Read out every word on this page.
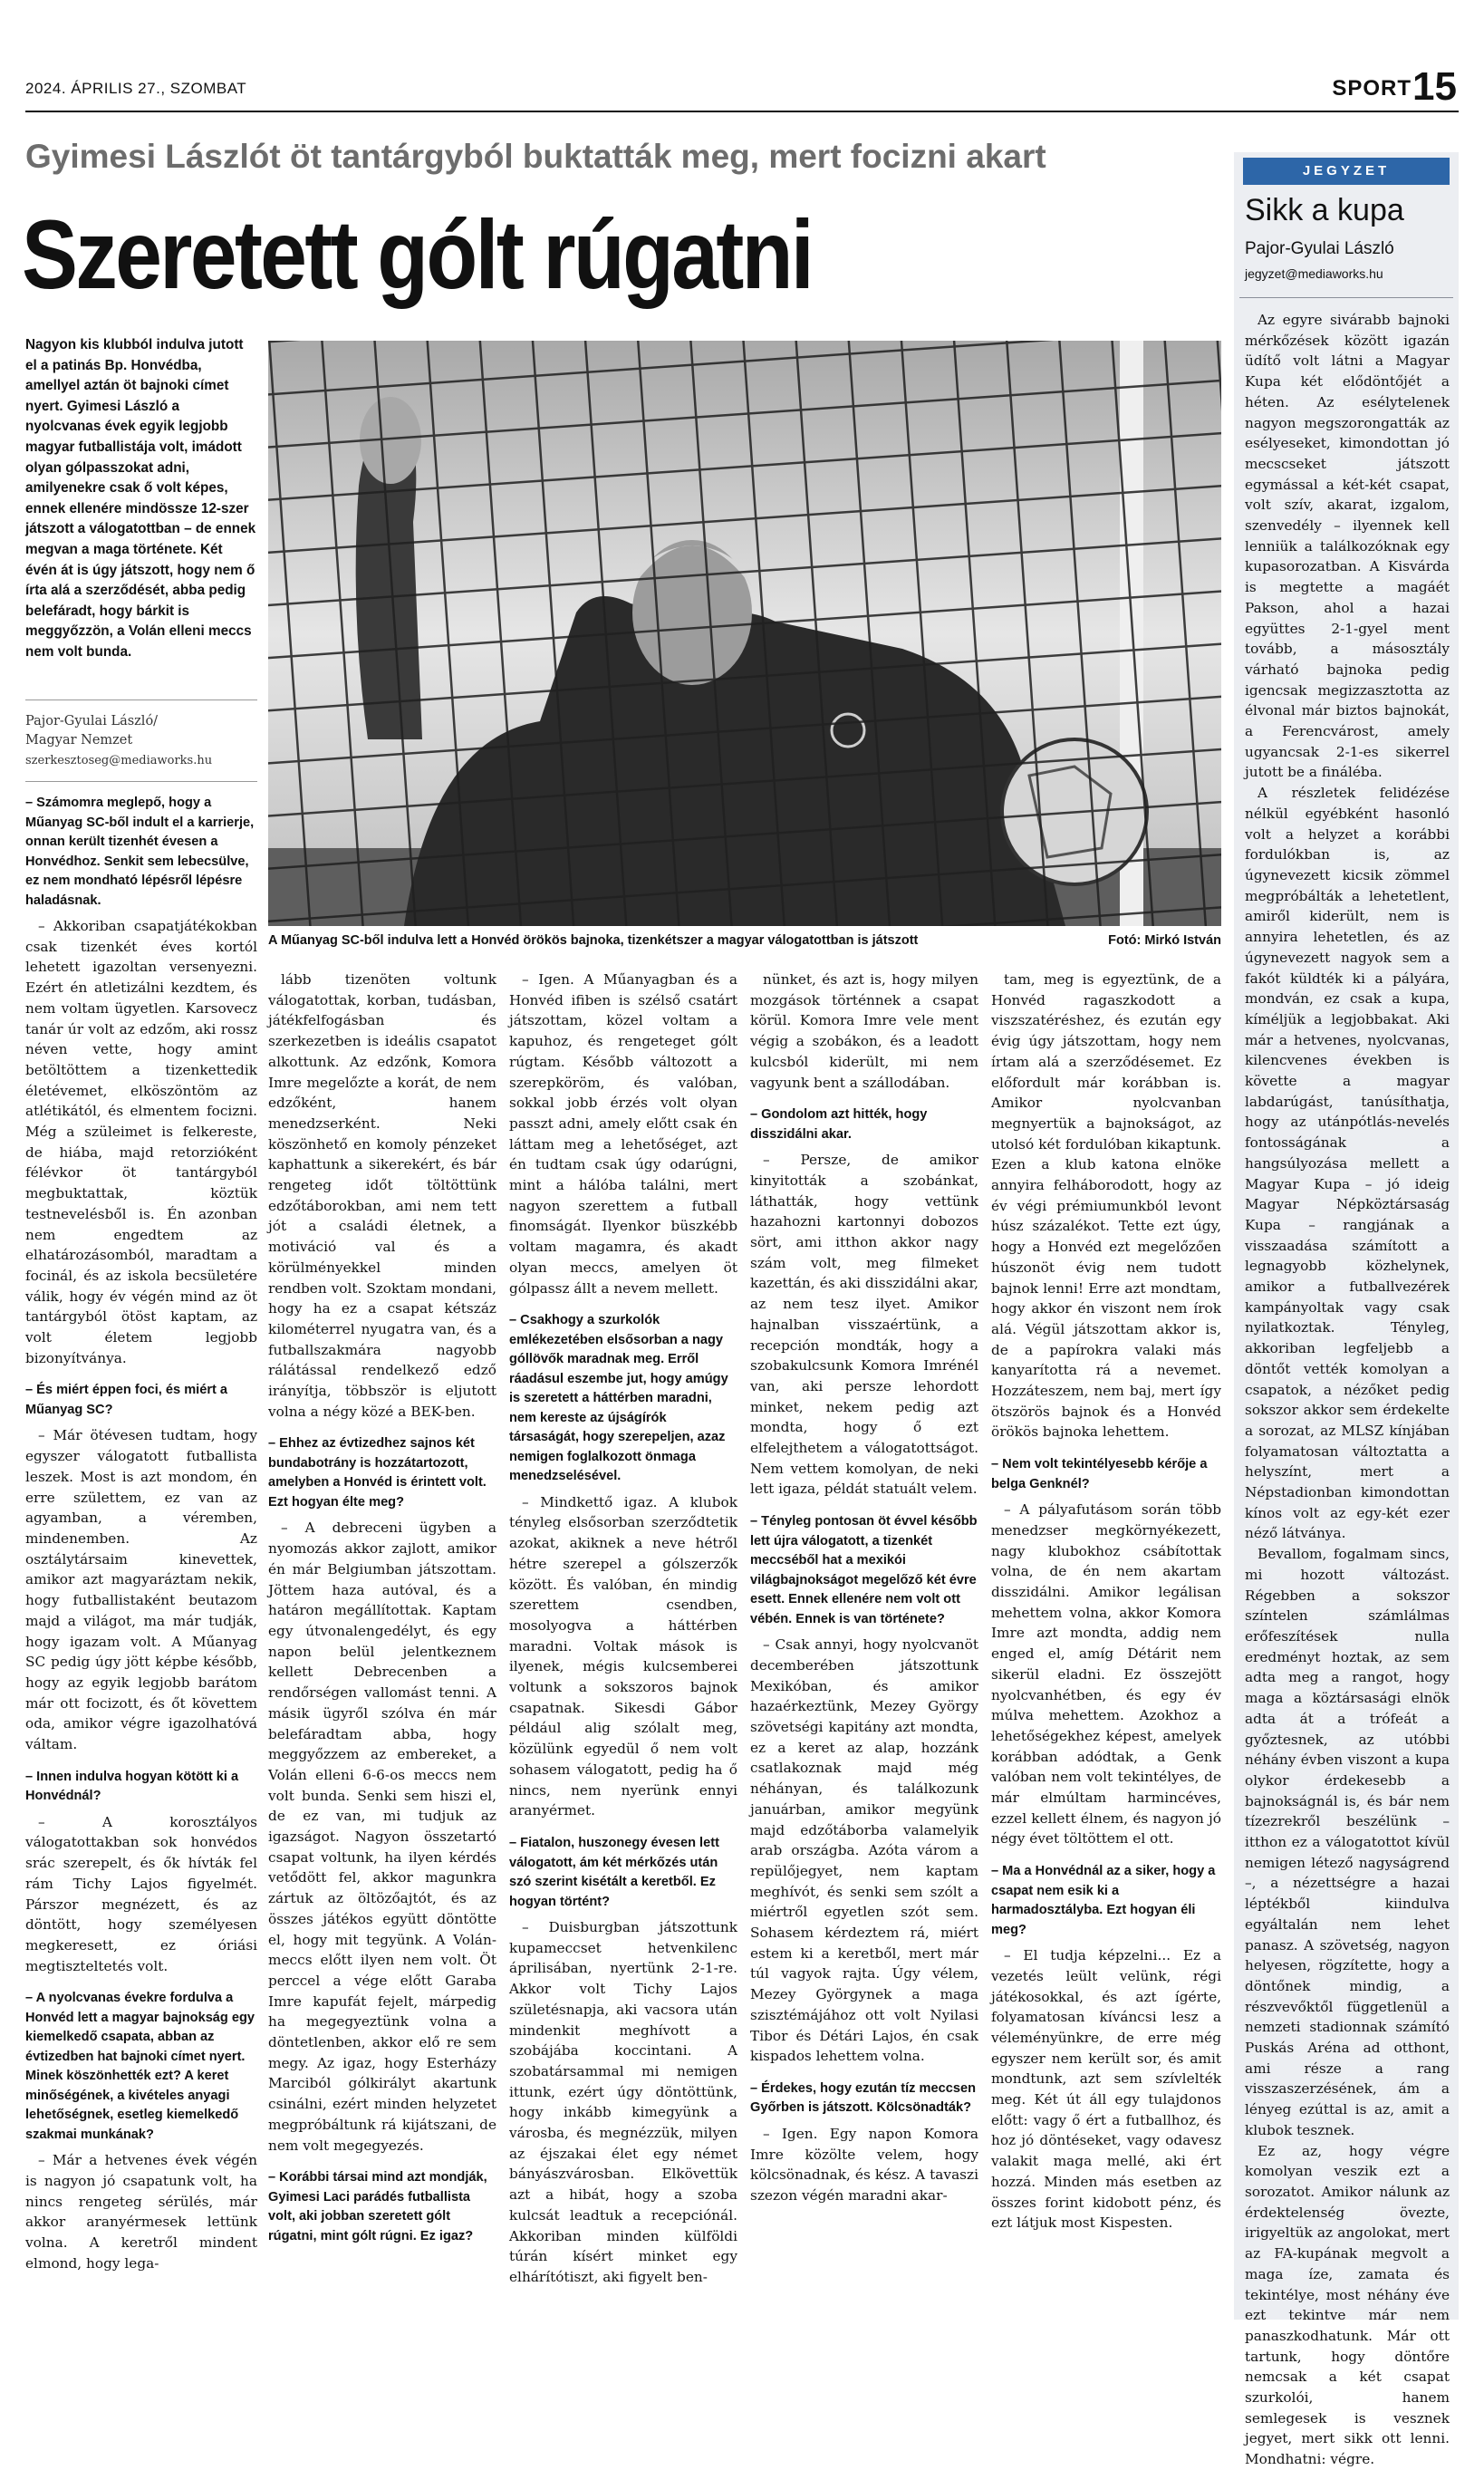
2024. ÁPRILIS 27., SZOMBAT	SPORT 15
Gyimesi Lászlót öt tantárgyból buktatták meg, mert focizni akart
Szeretett gólt rúgatni
Nagyon kis klubból indulva jutott el a patinás Bp. Honvédba, amellyel aztán öt bajnoki címet nyert. Gyimesi László a nyolcvanas évek egyik legjobb magyar futballistája volt, imádott olyan gólpasszokat adni, amilyenekre csak ő volt képes, ennek ellenére mindössze 12-szer játszott a válogatottban – de ennek megvan a maga története. Két évén át is úgy játszott, hogy nem ő írta alá a szerződését, abba pedig belefáradt, hogy bárkit is meggyőzzön, a Volán elleni meccs nem volt bunda.
Pajor-Gyulai László/
Magyar Nemzet
szerkesztoseg@mediaworks.hu
A Műanyag SC-ből indulva lett a Honvéd örökös bajnoka, tizenkétszer a magyar válogatottban is játszott	Fotó: Mirkó István

– Számomra meglepő, hogy a Műanyag SC-ből indult el a karrierje, onnan került tizenhét évesen a Honvédhoz. Senkit sem lebecsülve, ez nem mondható lépésről lépésre haladásnak.

– Akkoriban csapatjátékokban csak tizenkét éves kortól lehetett igazoltan versenyezni. Ezért én atletizálni kezdtem, és nem voltam ügyetlen. Karsovecz tanár úr volt az edzőm, aki rossz néven vette, hogy amint betöltöttem a tizenkettedik életévemet, elköszöntöm az atlétikától, és elmentem focizni. Még a szüleimet is felkereste, de hiába, majd retorzióként félévkor öt tantárgyból megbuktattak, köztük testnevelésből is. Én azonban nem engedtem az elhatározásomból, maradtam a focinál, és az iskola becsületére válik, hogy év végén mind az öt tantárgyból ötöst kaptam, az volt életem legjobb bizonyítványa.

– És miért éppen foci, és miért a Műanyag SC?

– Már ötévesen tudtam, hogy egyszer válogatott futballista leszek. Most is azt mondom, én erre születtem, ez van az agyamban, a véremben, mindenemben. Az osztálytársaim kinevettek, amikor azt magyaráztam nekik, hogy futballistaként beutazom majd a világot, ma már tudják, hogy igazam volt. A Műanyag SC pedig úgy jött képbe később, hogy az egyik legjobb barátom már ott focizott, és őt követtem oda, amikor végre igazolhatóvá váltam.

– Innen indulva hogyan kötött ki a Honvédnál?

– A korosztályos válogatottakban sok honvédos srác szerepelt, és ők hívták fel rám Tichy Lajos figyelmét. Párszor megnézett, és az döntött, hogy személyesen megkeresett, ez óriási megtiszteltetés volt.

– A nyolcvanas évekre fordulva a Honvéd lett a magyar bajnokság egy kiemelkedő csapata, abban az évtizedben hat bajnoki címet nyert. Minek köszönhették ezt? A keret minőségének, a kivételes anyagi lehetőségnek, esetleg kiemelkedő szakmai munkának?

– Már a hetvenes évek végén is nagyon jó csapatunk volt, ha nincs rengeteg sérülés, már akkor aranyérmesek lettünk volna. A keretről mindent elmond, hogy lega-

lább tizenöten voltunk válogatottak, korban, tudásban, játékfelfogásban és szerkezetben is ideális csapatot alkottunk. Az edzőnk, Komora Imre megelőzte a korát, de nem edzőként, hanem menedzserként. Neki köszönhető en komoly pénzeket kaphattunk a sikerekért, és bár rengeteg időt töltöttünk edzőtáborokban, ami nem tett jót a családi életnek, a motiváció val és a körülményekkel minden rendben volt. Szoktam mondani, hogy ha ez a csapat kétszáz kilométerrel nyugatra van, és a futballszakmára nagyobb rálátással rendelkező edző irányítja, többször is eljutott volna a négy közé a BEK-ben.

– Ehhez az évtizedhez sajnos két bundabotrány is hozzátartozott, amelyben a Honvéd is érintett volt. Ezt hogyan élte meg?

– A debreceni ügyben a nyomozás akkor zajlott, amikor én már Belgiumban játszottam. Jöttem haza autóval, és a határon megállítottak. Kaptam egy útvonalengedélyt, és egy napon belül jelentkeznem kellett Debrecenben a rendőrségen vallomást tenni. A másik ügyről szólva én már belefáradtam abba, hogy meggyőzzem az embereket, a Volán elleni 6-6-os meccs nem volt bunda. Senki sem hiszi el, de ez van, mi tudjuk az igazságot. Nagyon összetartó csapat voltunk, ha ilyen kérdés vetődött fel, akkor magunkra zártuk az öltözőajtót, és az összes játékos együtt döntötte el, hogy mit tegyünk. A Volán-meccs előtt ilyen nem volt. Öt perccel a vége előtt Garaba Imre kapufát fejelt, márpedig ha megegyeztünk volna a döntetlenben, akkor elő re sem megy. Az igaz, hogy Esterházy Marciból gólkirályt akartunk csinálni, ezért minden helyzetet megpróbáltunk rá kijátszani, de nem volt megegyezés.

– Korábbi társai mind azt mondják, Gyimesi Laci parádés futballista volt, aki jobban szeretett gólt rúgatni, mint gólt rúgni. Ez igaz?

– Igen. A Műanyagban és a Honvéd ifiben is szélső csatárt játszottam, közel voltam a kapuhoz, és rengeteget gólt rúgtam. Később változott a szerepköröm, és valóban, sokkal jobb érzés volt olyan passzt adni, amely előtt csak én láttam meg a lehetőséget, azt én tudtam csak úgy odarúgni, mint a hálóba találni, mert nagyon szerettem a futball finomságát. Ilyenkor büszkébb voltam magamra, és akadt olyan meccs, amelyen öt gólpassz állt a nevem mellett.

– Csakhogy a szurkolók emlékezetében elsősorban a nagy góllövők maradnak meg. Erről ráadásul eszembe jut, hogy amúgy is szeretett a háttérben maradni, nem kereste az újságírók társaságát, hogy szerepeljen, azaz nemigen foglalkozott önmaga menedzselésével.

– Mindkettő igaz. A klubok tényleg elsősorban szerződtetik azokat, akiknek a neve hétről hétre szerepel a gólszerzők között. És valóban, én mindig szerettem csendben, mosolyogva a háttérben maradni. Voltak mások is ilyenek, mégis kulcsemberei voltunk a sokszoros bajnok csapatnak. Sikesdi Gábor például alig szólalt meg, közülünk egyedül ő nem volt sohasem válogatott, pedig ha ő nincs, nem nyerünk ennyi aranyérmet.

– Fiatalon, huszonegy évesen lett válogatott, ám két mérkőzés után szó szerint kisétált a keretből. Ez hogyan történt?

– Duisburgban játszottunk kupameccset hetvenkilenc áprilisában, nyertünk 2-1-re. Akkor volt Tichy Lajos születésnapja, aki vacsora után mindenkit meghívott a szobájába koccintani. A szobatársammal mi nemigen ittunk, ezért úgy döntöttünk, hogy inkább kimegyünk a városba, és megnézzük, milyen az éjszakai élet egy német bányászvárosban. Elkövettük azt a hibát, hogy a szoba kulcsát leadtuk a recepciónál. Akkoriban minden külföldi túrán kísért minket egy elhárítótiszt, aki figyelt ben-

nünket, és azt is, hogy milyen mozgások történnek a csapat körül. Komora Imre vele ment végig a szobákon, és a leadott kulcsból kiderült, mi nem vagyunk bent a szállodában.

– Gondolom azt hitték, hogy disszidálni akar.

– Persze, de amikor kinyitották a szobánkat, láthatták, hogy vettünk hazahozni kartonnyi dobozos sört, ami itthon akkor nagy szám volt, meg filmeket kazettán, és aki disszidálni akar, az nem tesz ilyet. Amikor hajnalban visszaértünk, a recepción mondták, hogy a szobakulcsunk Komora Imrénél van, aki persze lehordott minket, nekem pedig azt mondta, hogy ő ezt elfelejthetem a válogatottságot. Nem vettem komolyan, de neki lett igaza, példát statuált velem.

– Tényleg pontosan öt évvel később lett újra válogatott, a tizenkét meccséből hat a mexikói világbajnokságot megelőző két évre esett. Ennek ellenére nem volt ott vébén. Ennek is van története?

– Csak annyi, hogy nyolcvanöt decemberében játszottunk Mexikóban, és amikor hazaérkeztünk, Mezey György szövetségi kapitány azt mondta, ez a keret az alap, hozzánk csatlakoznak majd még néhányan, és találkozunk januárban, amikor megyünk majd edzőtáborba valamelyik arab országba. Azóta várom a repülőjegyet, nem kaptam meghívót, és senki sem szólt a miértről egyetlen szót sem. Sohasem kérdeztem rá, miért estem ki a keretből, mert már túl vagyok rajta. Úgy vélem, Mezey Györgynek a maga szisztémájához ott volt Nyilasi Tibor és Détári Lajos, én csak kispados lehettem volna.

– Érdekes, hogy ezután tíz meccsen Győrben is játszott. Kölcsönadták?

– Igen. Egy napon Komora Imre közölte velem, hogy kölcsönadnak, és kész. A tavaszi szezon végén maradni akar-

tam, meg is egyeztünk, de a Honvéd ragaszkodott a viszszatéréshez, és ezután egy évig úgy játszottam, hogy nem írtam alá a szerződésemet. Ez előfordult már korábban is. Amikor nyolcvanban megnyertük a bajnokságot, az utolsó két fordulóban kikaptunk. Ezen a klub katona elnöke annyira felháborodott, hogy az év végi prémiumunkból levont húsz százalékot. Tette ezt úgy, hogy a Honvéd ezt megelőzően húszonöt évig nem tudott bajnok lenni! Erre azt mondtam, hogy akkor én viszont nem írok alá. Végül játszottam akkor is, de a papírokra valaki más kanyarította rá a nevemet. Hozzáteszem, nem baj, mert így ötszörös bajnok és a Honvéd örökös bajnoka lehettem.

– Nem volt tekintélyesebb kérője a belga Genknél?

– A pályafutásom során több menedzser megkörnyékezett, nagy klubokhoz csábítottak volna, de én nem akartam disszidálni. Amikor legálisan mehettem volna, akkor Komora Imre azt mondta, addig nem enged el, amíg Détárit nem sikerül eladni. Ez összejött nyolcvanhétben, és egy év múlva mehettem. Azokhoz a lehetőségekhez képest, amelyek korábban adódtak, a Genk valóban nem volt tekintélyes, de már elmúltam harmincéves, ezzel kellett élnem, és nagyon jó négy évet töltöttem el ott.

– Ma a Honvédnál az a siker, hogy a csapat nem esik ki a harmadosztályba. Ezt hogyan éli meg?

– El tudja képzelni... Ez a vezetés leült velünk, régi játékosokkal, és azt ígérte, folyamatosan kíváncsi lesz a véleményünkre, de erre még egyszer nem került sor, és amit mondtunk, azt sem szívlelték meg. Két út áll egy tulajdonos előtt: vagy ő ért a futballhoz, és hoz jó döntéseket, vagy odavesz valakit maga mellé, aki ért hozzá. Minden más esetben az összes forint kidobott pénz, és ezt látjuk most Kispesten.

JEGYZET
Sikk a kupa
Pajor-Gyulai László
jegyzet@mediaworks.hu

Az egyre sivárabb bajnoki mérkőzések között igazán üdítő volt látni a Magyar Kupa két elődöntőjét a héten. Az esélytelenek nagyon megszorongatták az esélyeseket, kimondottan jó mecscseket játszott egymással a két-két csapat, volt szív, akarat, izgalom, szenvedély – ilyennek kell lenniük a találkozóknak egy kupasorozatban. A Kisvárda is megtette a magáét Pakson, ahol a hazai együttes 2-1-gyel ment tovább, a másosztály várható bajnoka pedig igencsak megizzasztotta az élvonal már biztos bajnokát, a Ferencvárost, amely ugyancsak 2-1-es sikerrel jutott be a fináléba.

A részletek felidézése nélkül egyébként hasonló volt a helyzet a korábbi fordulókban is, az úgynevezett kicsik zömmel megpróbálták a lehetetlent, amiről kiderült, nem is annyira lehetetlen, és az úgynevezett nagyok sem a fakót küldték ki a pályára, mondván, ez csak a kupa, kíméljük a legjobbakat. Aki már a hetvenes, nyolcvanas, kilencvenes években is követte a magyar labdarúgást, tanúsíthatja, hogy az utánpótlás-nevelés fontosságának a hangsúlyozása mellett a Magyar Kupa – jó ideig Magyar Népköztársaság Kupa – rangjának a visszaadása számított a legnagyobb közhelynek, amikor a futballvezérek kampányoltak vagy csak nyilatkoztak. Tényleg, akkoriban legfeljebb a döntőt vették komolyan a csapatok, a nézőket pedig sokszor akkor sem érdekelte a sorozat, az MLSZ kínjában folyamatosan változtatta a helyszínt, mert a Népstadionban kimondottan kínos volt az egy-két ezer néző látványa.

Bevallom, fogalmam sincs, mi hozott változást. Régebben a sokszor színtelen számlálmas erőfeszítések nulla eredményt hoztak, az sem adta meg a rangot, hogy maga a köztársasági elnök adta át a trófeát a győztesnek, az utóbbi néhány évben viszont a kupa olykor érdekesebb a bajnokságnál is, és bár nem tízezrekről beszélünk – itthon ez a válogatottot kívül nemigen létező nagyságrend –, a nézettségre a hazai léptékből kiindulva egyáltalán nem lehet panasz. A szövetség, nagyon helyesen, rögzítette, hogy a döntőnek mindig, a részvevőktől függetlenül a nemzeti stadionnak számító Puskás Aréna ad otthont, ami része a rang visszaszerzésének, ám a lényeg ezúttal is az, amit a klubok tesznek.

Ez az, hogy végre komolyan veszik ezt a sorozatot. Amikor nálunk az érdektelenség övezte, irigyeltük az angolokat, mert az FA-kupának megvolt a maga íze, zamata és tekintélye, most néhány éve ezt tekintve már nem panaszkodhatunk. Már ott tartunk, hogy döntőre nemcsak a két csapat szurkolói, hanem semlegesek is vesznek jegyet, mert sikk ott lenni. Mondhatni: végre.
